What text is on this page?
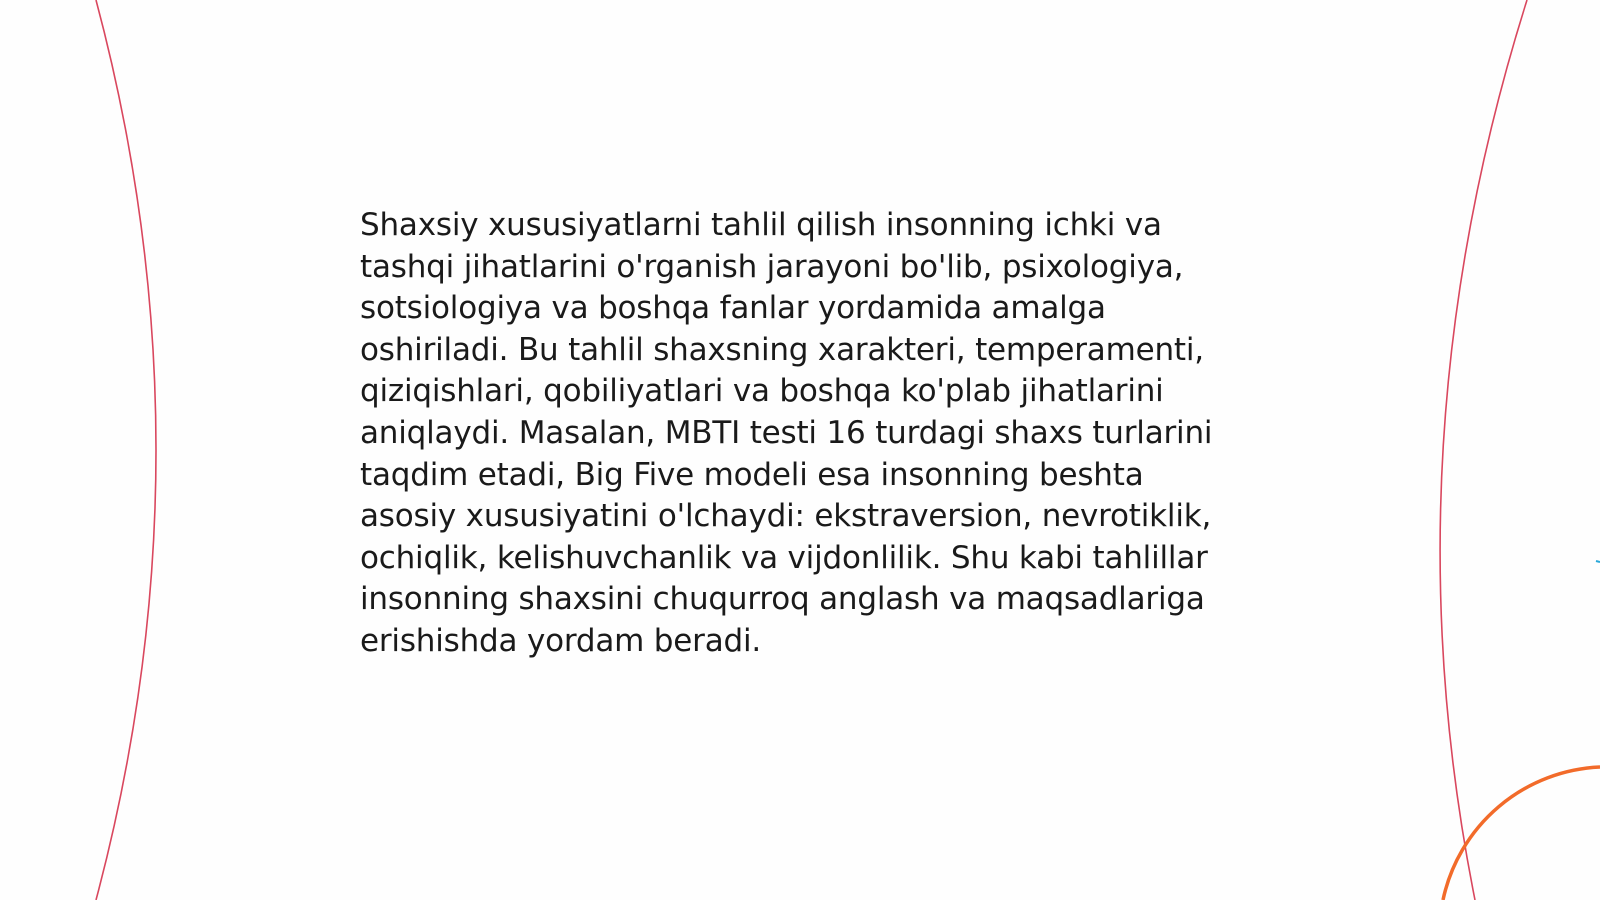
Shaxsiy xususiyatlarni tahlil qilish insonning ichki va tashqi jihatlarini o'rganish jarayoni bo'lib, psixologiya, sotsiologiya va boshqa fanlar yordamida amalga oshiriladi. Bu tahlil shaxsning xarakteri, temperamenti, qiziqishlari, qobiliyatlari va boshqa ko'plab jihatlarini aniqlaydi. Masalan, MBTI testi 16 turdagi shaxs turlarini taqdim etadi, Big Five modeli esa insonning beshta asosiy xususiyatini o'lchaydi: ekstraversion, nevrotiklik, ochiqlik, kelishuvchanlik va vijdonlilik. Shu kabi tahlillar insonning shaxsini chuqurroq anglash va maqsadlariga erishishda yordam beradi.
